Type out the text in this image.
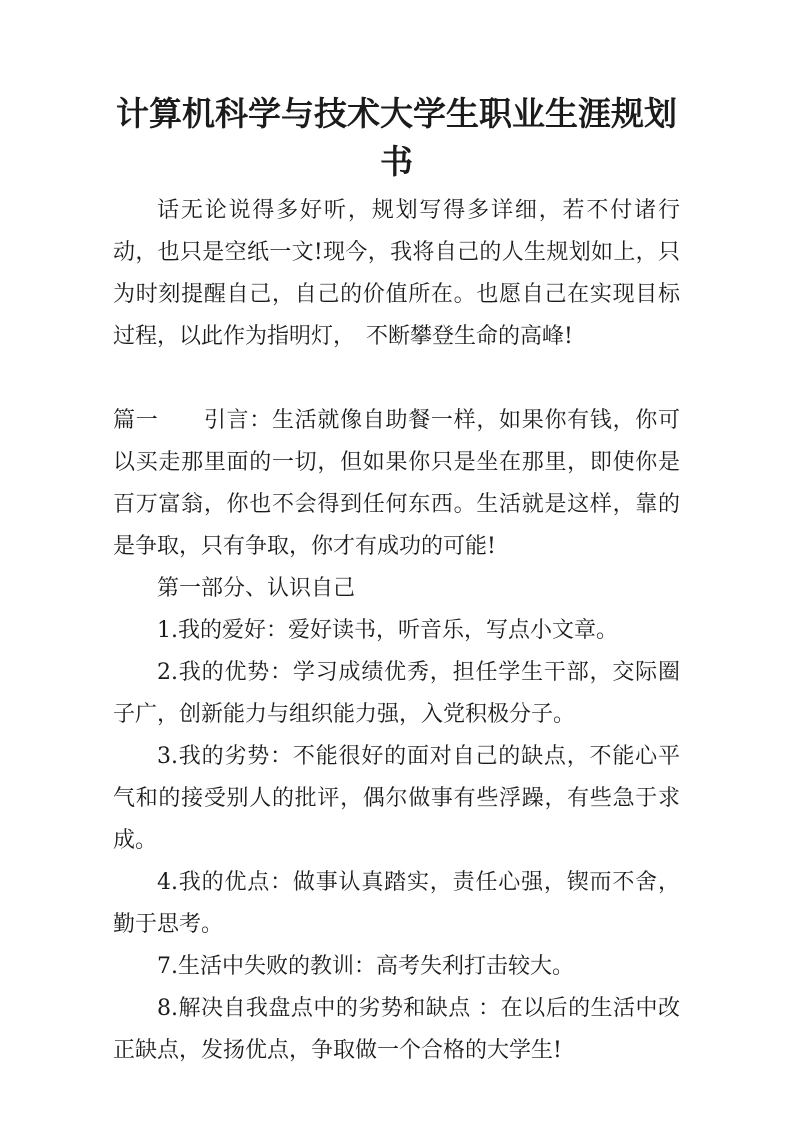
计算机科学与技术大学生职业生涯规划书

话无论说得多好听，规划写得多详细，若不付诸行动，也只是空纸一文!现今，我将自己的人生规划如上，只为时刻提醒自己，自己的价值所在。也愿自己在实现目标过程，以此作为指明灯，　不断攀登生命的高峰!

篇一　　引言：生活就像自助餐一样，如果你有钱，你可以买走那里面的一切，但如果你只是坐在那里，即使你是百万富翁，你也不会得到任何东西。生活就是这样，靠的是争取，只有争取，你才有成功的可能!

第一部分、认识自己

1.我的爱好：爱好读书，听音乐，写点小文章。

2.我的优势：学习成绩优秀，担任学生干部，交际圈子广，创新能力与组织能力强，入党积极分子。

3.我的劣势：不能很好的面对自己的缺点，不能心平气和的接受别人的批评，偶尔做事有些浮躁，有些急于求成。

4.我的优点：做事认真踏实，责任心强，锲而不舍，勤于思考。

7.生活中失败的教训：高考失利打击较大。

8.解决自我盘点中的劣势和缺点 ：在以后的生活中改正缺点，发扬优点，争取做一个合格的大学生!
